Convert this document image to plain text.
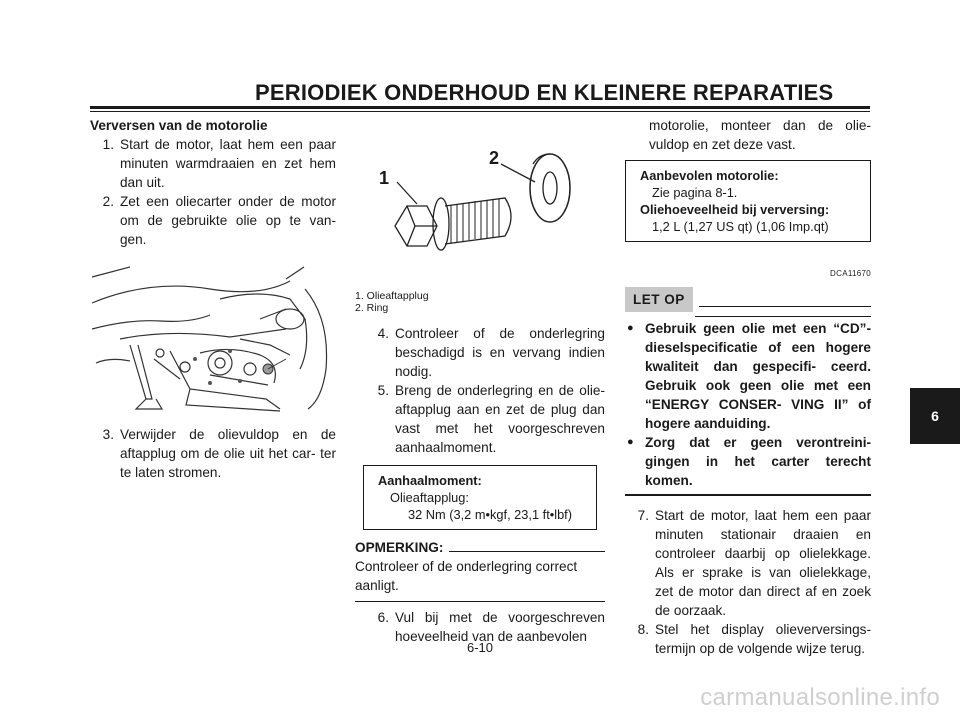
PERIODIEK ONDERHOUD EN KLEINERE REPARATIES
6
Verversen van de motorolie
1. Start de motor, laat hem een paar minuten warmdraaien en zet hem dan uit.
2. Zet een oliecarter onder de motor om de gebruikte olie op te van- gen.
3. Verwijder de olievuldop en de aftapplug om de olie uit het car- ter te laten stromen.
1
2
1. Olieaftapplug
2. Ring
4. Controleer of de onderlegring beschadigd is en vervang indien nodig.
5. Breng de onderlegring en de olie- aftapplug aan en zet de plug dan vast met het voorgeschreven aanhaalmoment.
Aanhaalmoment:
Olieaftapplug:
32 Nm (3,2 m•kgf, 23,1 ft•lbf)
OPMERKING:
Controleer of de onderlegring correct aanligt.
6. Vul bij met de voorgeschreven hoeveelheid van de aanbevolen
motorolie, monteer dan de olie- vuldop en zet deze vast.
Aanbevolen motorolie:
Zie pagina 8-1.
Oliehoeveelheid bij verversing:
1,2 L (1,27 US qt) (1,06 Imp.qt)
DCA11670
LET OP
● Gebruik geen olie met een “CD”-dieselspecificatie of een hogere kwaliteit dan gespecifi- ceerd. Gebruik ook geen olie met een “ENERGY CONSER- VING II” of hogere aanduiding.
● Zorg dat er geen verontreini- gingen in het carter terecht komen.
7. Start de motor, laat hem een paar minuten stationair draaien en controleer daarbij op olielekkage. Als er sprake is van olielekkage, zet de motor dan direct af en zoek de oorzaak.
8. Stel het display olieverversings- termijn op de volgende wijze terug.
6-10
carmanualsonline.info
